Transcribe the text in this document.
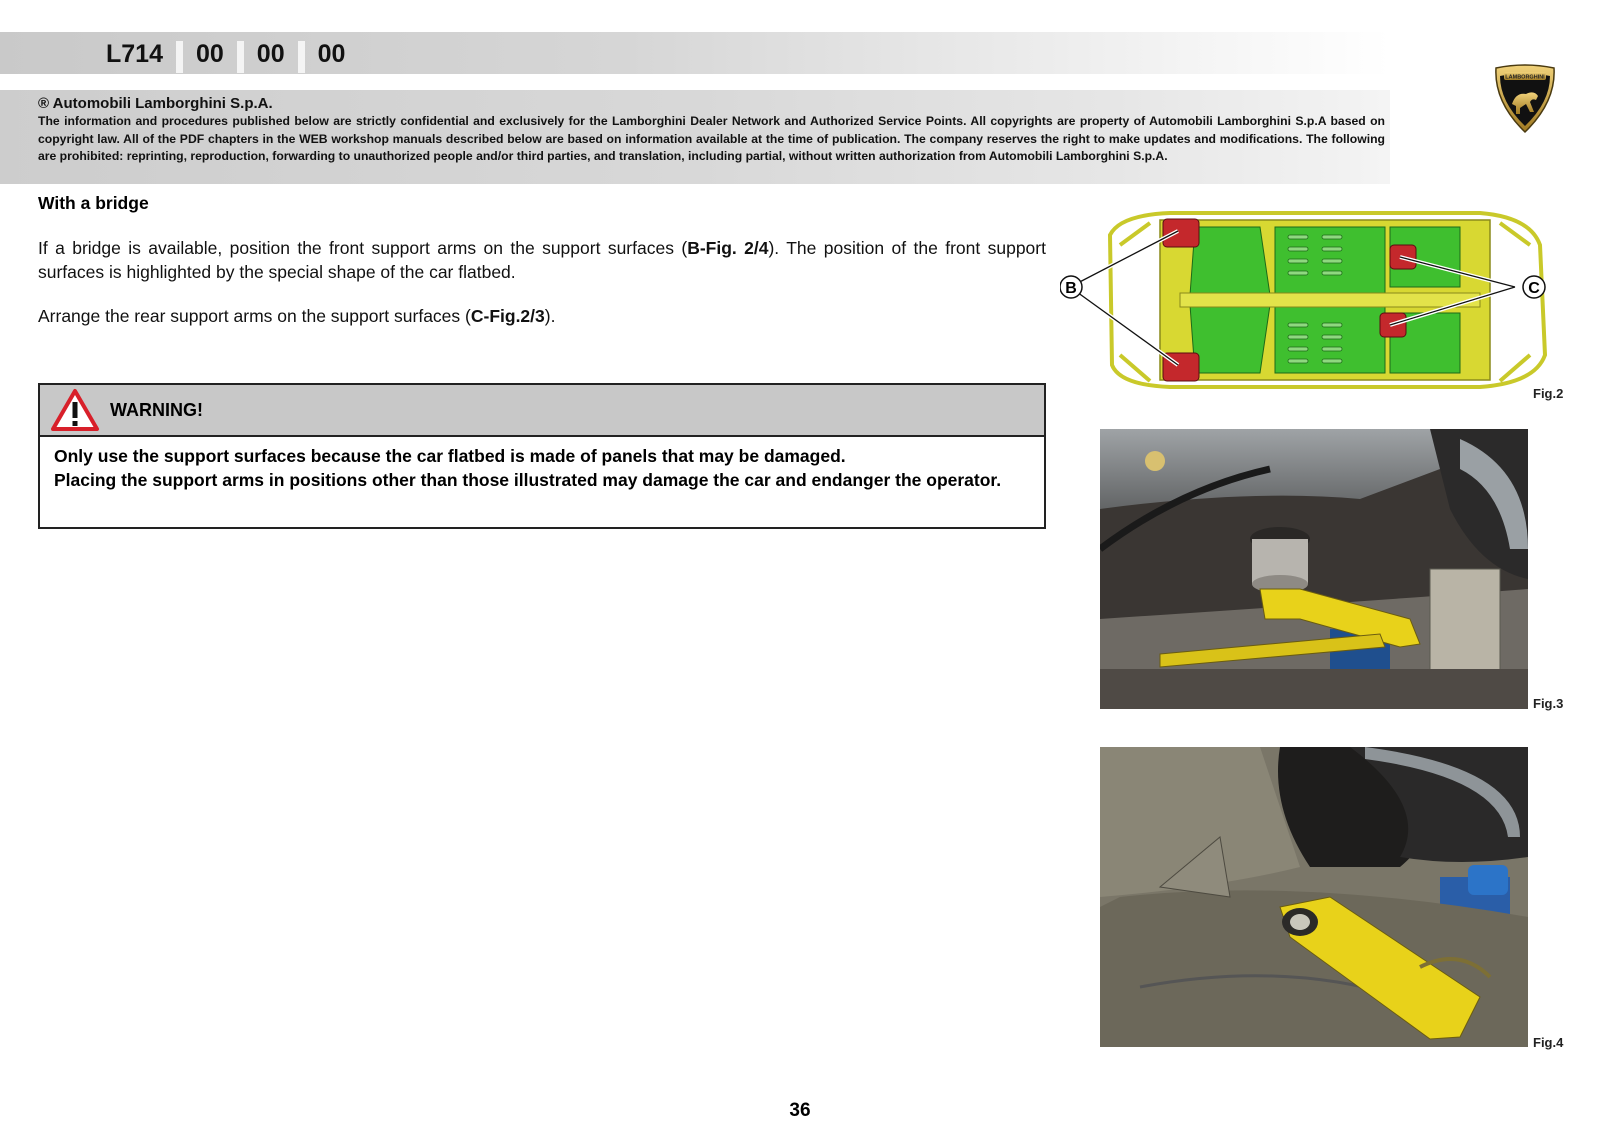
L714	00	00	00
LAMBORGHINI
® Automobili Lamborghini S.p.A.
The information and procedures published below are strictly confidential and exclusively for the Lamborghini Dealer Network and Authorized Service Points. All copyrights are property of Automobili Lamborghini S.p.A based on copyright law. All of the PDF chapters in the WEB workshop manuals described below are based on information available at the time of publication. The company reserves the right to make updates and modifications. The following are prohibited: reprinting, reproduction, forwarding to unauthorized people and/or third parties, and translation, including partial, without written authorization from Automobili Lamborghini S.p.A.
With a bridge

If a bridge is available, position the front support arms on the support surfaces (B-Fig. 2/4). The position of the front support surfaces is highlighted by the special shape of the car flatbed.

Arrange the rear support arms on the support surfaces (C-Fig.2/3).

WARNING!
Only use the support surfaces because the car flatbed is made of panels that may be damaged.
Placing the support arms in positions other than those illustrated may damage the car and endanger the operator.
B	C
Fig.2
Fig.3
Fig.4
36
